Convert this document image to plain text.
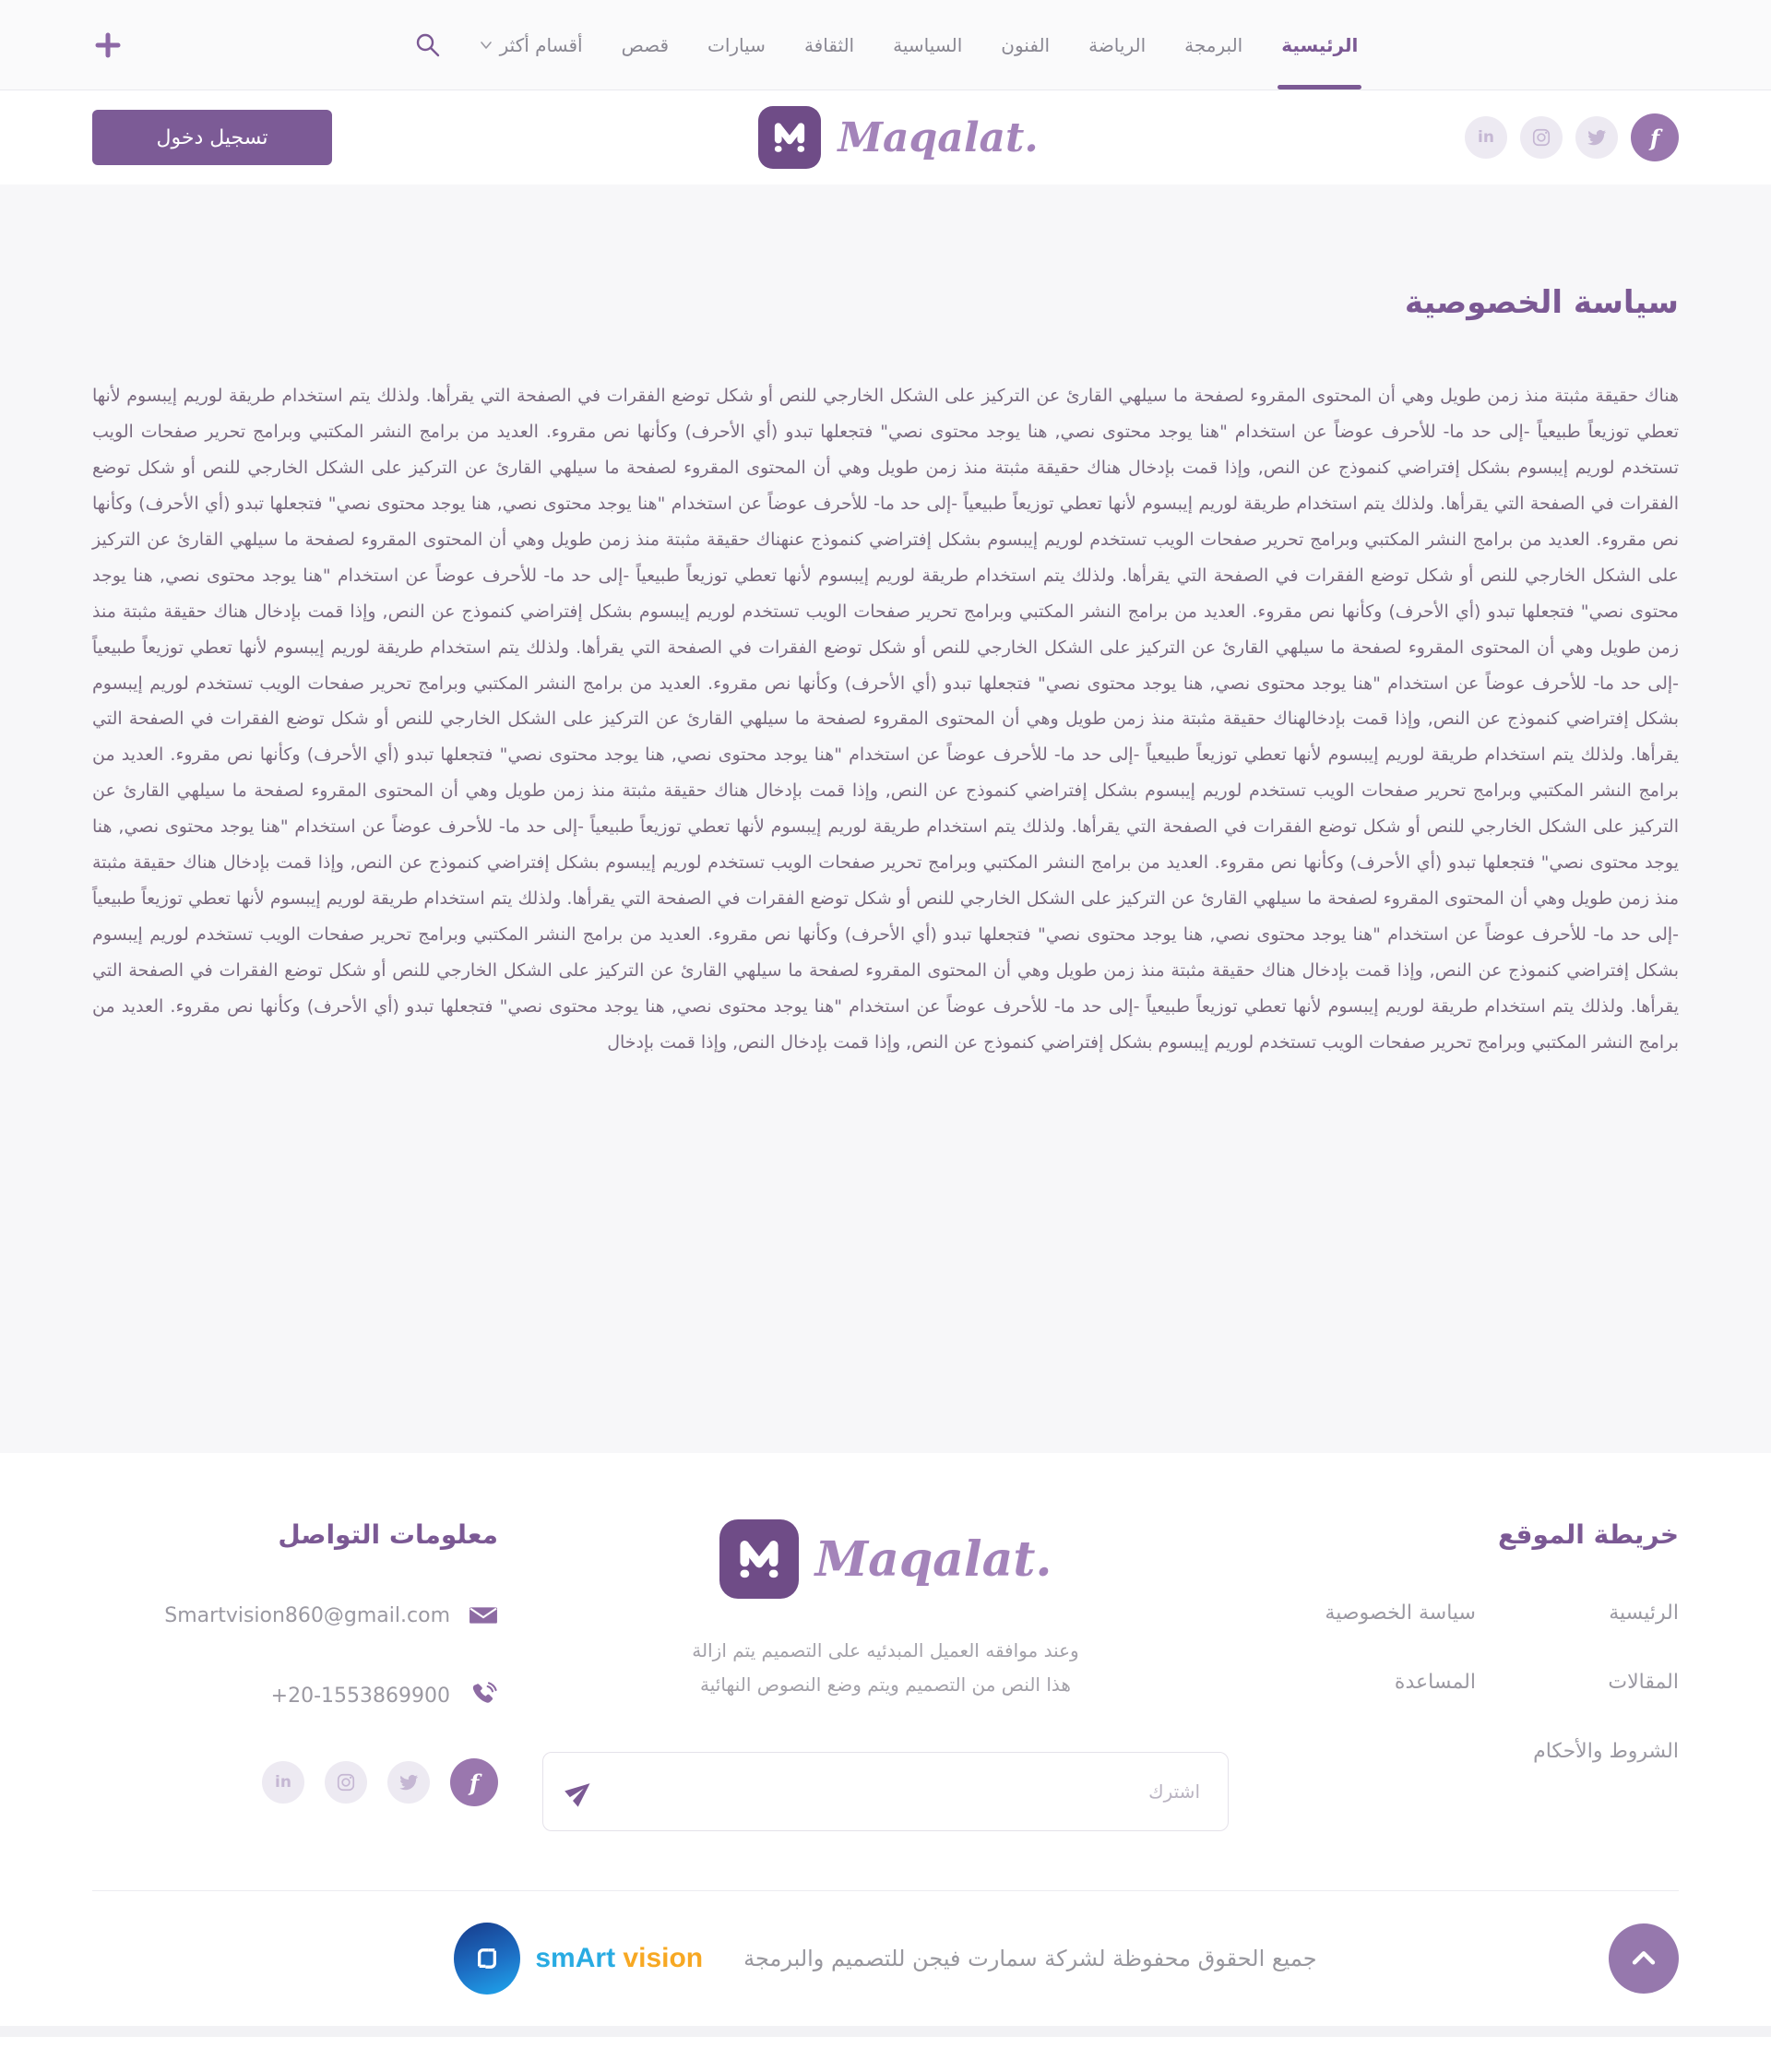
الرئيسية
البرمجة
الرياضة
الفنون
السياسية
الثقافة
سيارات
قصص
أقسام أكثر
f
in
Maqalat.
تسجيل دخول
سياسة الخصوصية

هناك حقيقة مثبتة منذ زمن طويل وهي أن المحتوى المقروء لصفحة ما سيلهي القارئ عن التركيز على الشكل الخارجي للنص أو شكل توضع الفقرات في الصفحة التي يقرأها. ولذلك يتم استخدام طريقة لوريم إيبسوم لأنها تعطي توزيعاً طبيعياً -إلى حد ما- للأحرف عوضاً عن استخدام "هنا يوجد محتوى نصي, هنا يوجد محتوى نصي" فتجعلها تبدو (أي الأحرف) وكأنها نص مقروء. العديد من برامج النشر المكتبي وبرامج تحرير صفحات الويب تستخدم لوريم إيبسوم بشكل إفتراضي كنموذج عن النص, وإذا قمت بإدخال هناك حقيقة مثبتة منذ زمن طويل وهي أن المحتوى المقروء لصفحة ما سيلهي القارئ عن التركيز على الشكل الخارجي للنص أو شكل توضع الفقرات في الصفحة التي يقرأها. ولذلك يتم استخدام طريقة لوريم إيبسوم لأنها تعطي توزيعاً طبيعياً -إلى حد ما- للأحرف عوضاً عن استخدام "هنا يوجد محتوى نصي, هنا يوجد محتوى نصي" فتجعلها تبدو (أي الأحرف) وكأنها نص مقروء. العديد من برامج النشر المكتبي وبرامج تحرير صفحات الويب تستخدم لوريم إيبسوم بشكل إفتراضي كنموذج عنهناك حقيقة مثبتة منذ زمن طويل وهي أن المحتوى المقروء لصفحة ما سيلهي القارئ عن التركيز على الشكل الخارجي للنص أو شكل توضع الفقرات في الصفحة التي يقرأها. ولذلك يتم استخدام طريقة لوريم إيبسوم لأنها تعطي توزيعاً طبيعياً -إلى حد ما- للأحرف عوضاً عن استخدام "هنا يوجد محتوى نصي, هنا يوجد محتوى نصي" فتجعلها تبدو (أي الأحرف) وكأنها نص مقروء. العديد من برامج النشر المكتبي وبرامج تحرير صفحات الويب تستخدم لوريم إيبسوم بشكل إفتراضي كنموذج عن النص, وإذا قمت بإدخال هناك حقيقة مثبتة منذ زمن طويل وهي أن المحتوى المقروء لصفحة ما سيلهي القارئ عن التركيز على الشكل الخارجي للنص أو شكل توضع الفقرات في الصفحة التي يقرأها. ولذلك يتم استخدام طريقة لوريم إيبسوم لأنها تعطي توزيعاً طبيعياً -إلى حد ما- للأحرف عوضاً عن استخدام "هنا يوجد محتوى نصي, هنا يوجد محتوى نصي" فتجعلها تبدو (أي الأحرف) وكأنها نص مقروء. العديد من برامج النشر المكتبي وبرامج تحرير صفحات الويب تستخدم لوريم إيبسوم بشكل إفتراضي كنموذج عن النص, وإذا قمت بإدخالهناك حقيقة مثبتة منذ زمن طويل وهي أن المحتوى المقروء لصفحة ما سيلهي القارئ عن التركيز على الشكل الخارجي للنص أو شكل توضع الفقرات في الصفحة التي يقرأها. ولذلك يتم استخدام طريقة لوريم إيبسوم لأنها تعطي توزيعاً طبيعياً -إلى حد ما- للأحرف عوضاً عن استخدام "هنا يوجد محتوى نصي, هنا يوجد محتوى نصي" فتجعلها تبدو (أي الأحرف) وكأنها نص مقروء. العديد من برامج النشر المكتبي وبرامج تحرير صفحات الويب تستخدم لوريم إيبسوم بشكل إفتراضي كنموذج عن النص, وإذا قمت بإدخال هناك حقيقة مثبتة منذ زمن طويل وهي أن المحتوى المقروء لصفحة ما سيلهي القارئ عن التركيز على الشكل الخارجي للنص أو شكل توضع الفقرات في الصفحة التي يقرأها. ولذلك يتم استخدام طريقة لوريم إيبسوم لأنها تعطي توزيعاً طبيعياً -إلى حد ما- للأحرف عوضاً عن استخدام "هنا يوجد محتوى نصي, هنا يوجد محتوى نصي" فتجعلها تبدو (أي الأحرف) وكأنها نص مقروء. العديد من برامج النشر المكتبي وبرامج تحرير صفحات الويب تستخدم لوريم إيبسوم بشكل إفتراضي كنموذج عن النص, وإذا قمت بإدخال هناك حقيقة مثبتة منذ زمن طويل وهي أن المحتوى المقروء لصفحة ما سيلهي القارئ عن التركيز على الشكل الخارجي للنص أو شكل توضع الفقرات في الصفحة التي يقرأها. ولذلك يتم استخدام طريقة لوريم إيبسوم لأنها تعطي توزيعاً طبيعياً -إلى حد ما- للأحرف عوضاً عن استخدام "هنا يوجد محتوى نصي, هنا يوجد محتوى نصي" فتجعلها تبدو (أي الأحرف) وكأنها نص مقروء. العديد من برامج النشر المكتبي وبرامج تحرير صفحات الويب تستخدم لوريم إيبسوم بشكل إفتراضي كنموذج عن النص, وإذا قمت بإدخال هناك حقيقة مثبتة منذ زمن طويل وهي أن المحتوى المقروء لصفحة ما سيلهي القارئ عن التركيز على الشكل الخارجي للنص أو شكل توضع الفقرات في الصفحة التي يقرأها. ولذلك يتم استخدام طريقة لوريم إيبسوم لأنها تعطي توزيعاً طبيعياً -إلى حد ما- للأحرف عوضاً عن استخدام "هنا يوجد محتوى نصي, هنا يوجد محتوى نصي" فتجعلها تبدو (أي الأحرف) وكأنها نص مقروء. العديد من برامج النشر المكتبي وبرامج تحرير صفحات الويب تستخدم لوريم إيبسوم بشكل إفتراضي كنموذج عن النص, وإذا قمت بإدخال النص, وإذا قمت بإدخال

خريطة الموقع
الرئيسية
سياسة الخصوصية
المقالات
المساعدة
الشروط والأحكام
Maqalat.
وعند موافقه العميل المبدئيه على التصميم يتم ازالة هذا النص من التصميم ويتم وضع النصوص النهائية
اشترك
معلومات التواصل
Smartvision860@gmail.com
+20-1553869900
f
in
جميع الحقوق محفوظة لشركة سمارت فيجن للتصميم والبرمجة
smArt vision
